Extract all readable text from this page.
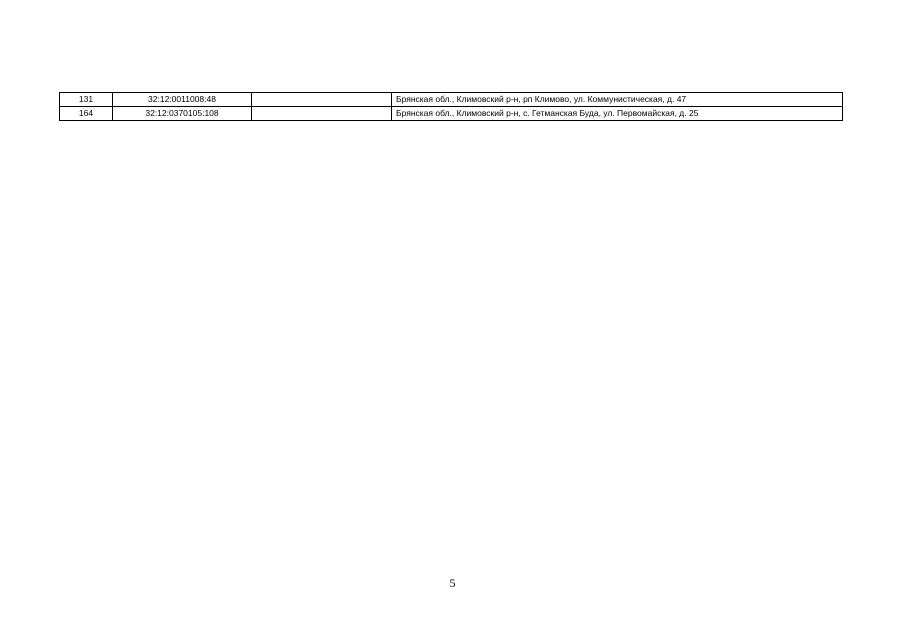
131	32:12:0011008:48		Брянская обл., Климовский р-н, рп Климово, ул. Коммунистическая, д. 47
164	32:12:0370105:108		Брянская обл., Климовский р-н, с. Гетманская Буда, ул. Первомайская, д. 25
5
